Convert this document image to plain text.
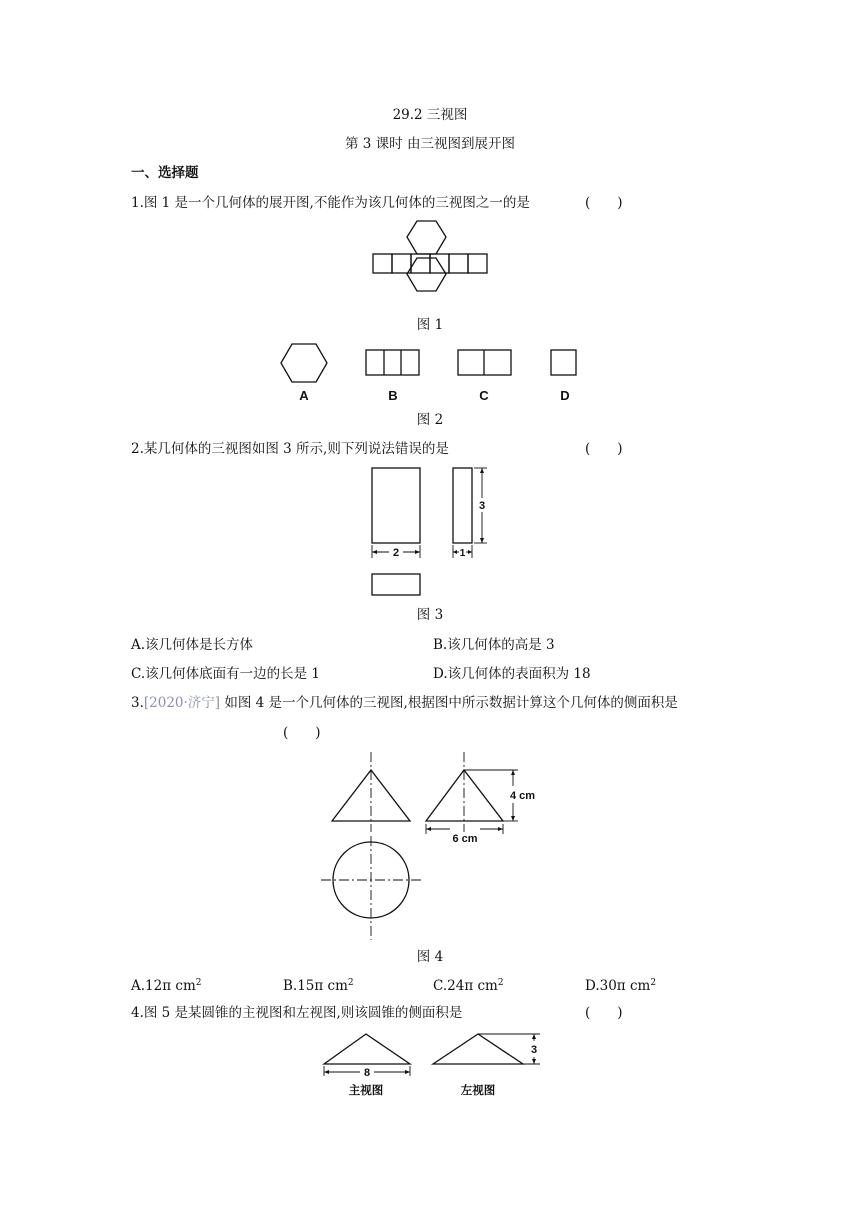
29.2 三视图
第 3 课时 由三视图到展开图
一、选择题
1.图 1 是一个几何体的展开图,不能作为该几何体的三视图之一的是	(　　)
图 1
A	B	C	D
图 2
2.某几何体的三视图如图 3 所示,则下列说法错误的是	(　　)
2	1
3
图 3
A.该几何体是长方体	B.该几何体的高是 3
C.该几何体底面有一边的长是 1	D.该几何体的表面积为 18
3.[2020·济宁] 如图 4 是一个几何体的三视图,根据图中所示数据计算这个几何体的侧面积是
(　　)
4 cm
6 cm
图 4
A.12π $cm^2$	B.15π $cm^2$	C.24π $cm^2$	D.30π $cm^2$
4.图 5 是某圆锥的主视图和左视图,则该圆锥的侧面积是	(　　)
8
3
主视图	左视图
